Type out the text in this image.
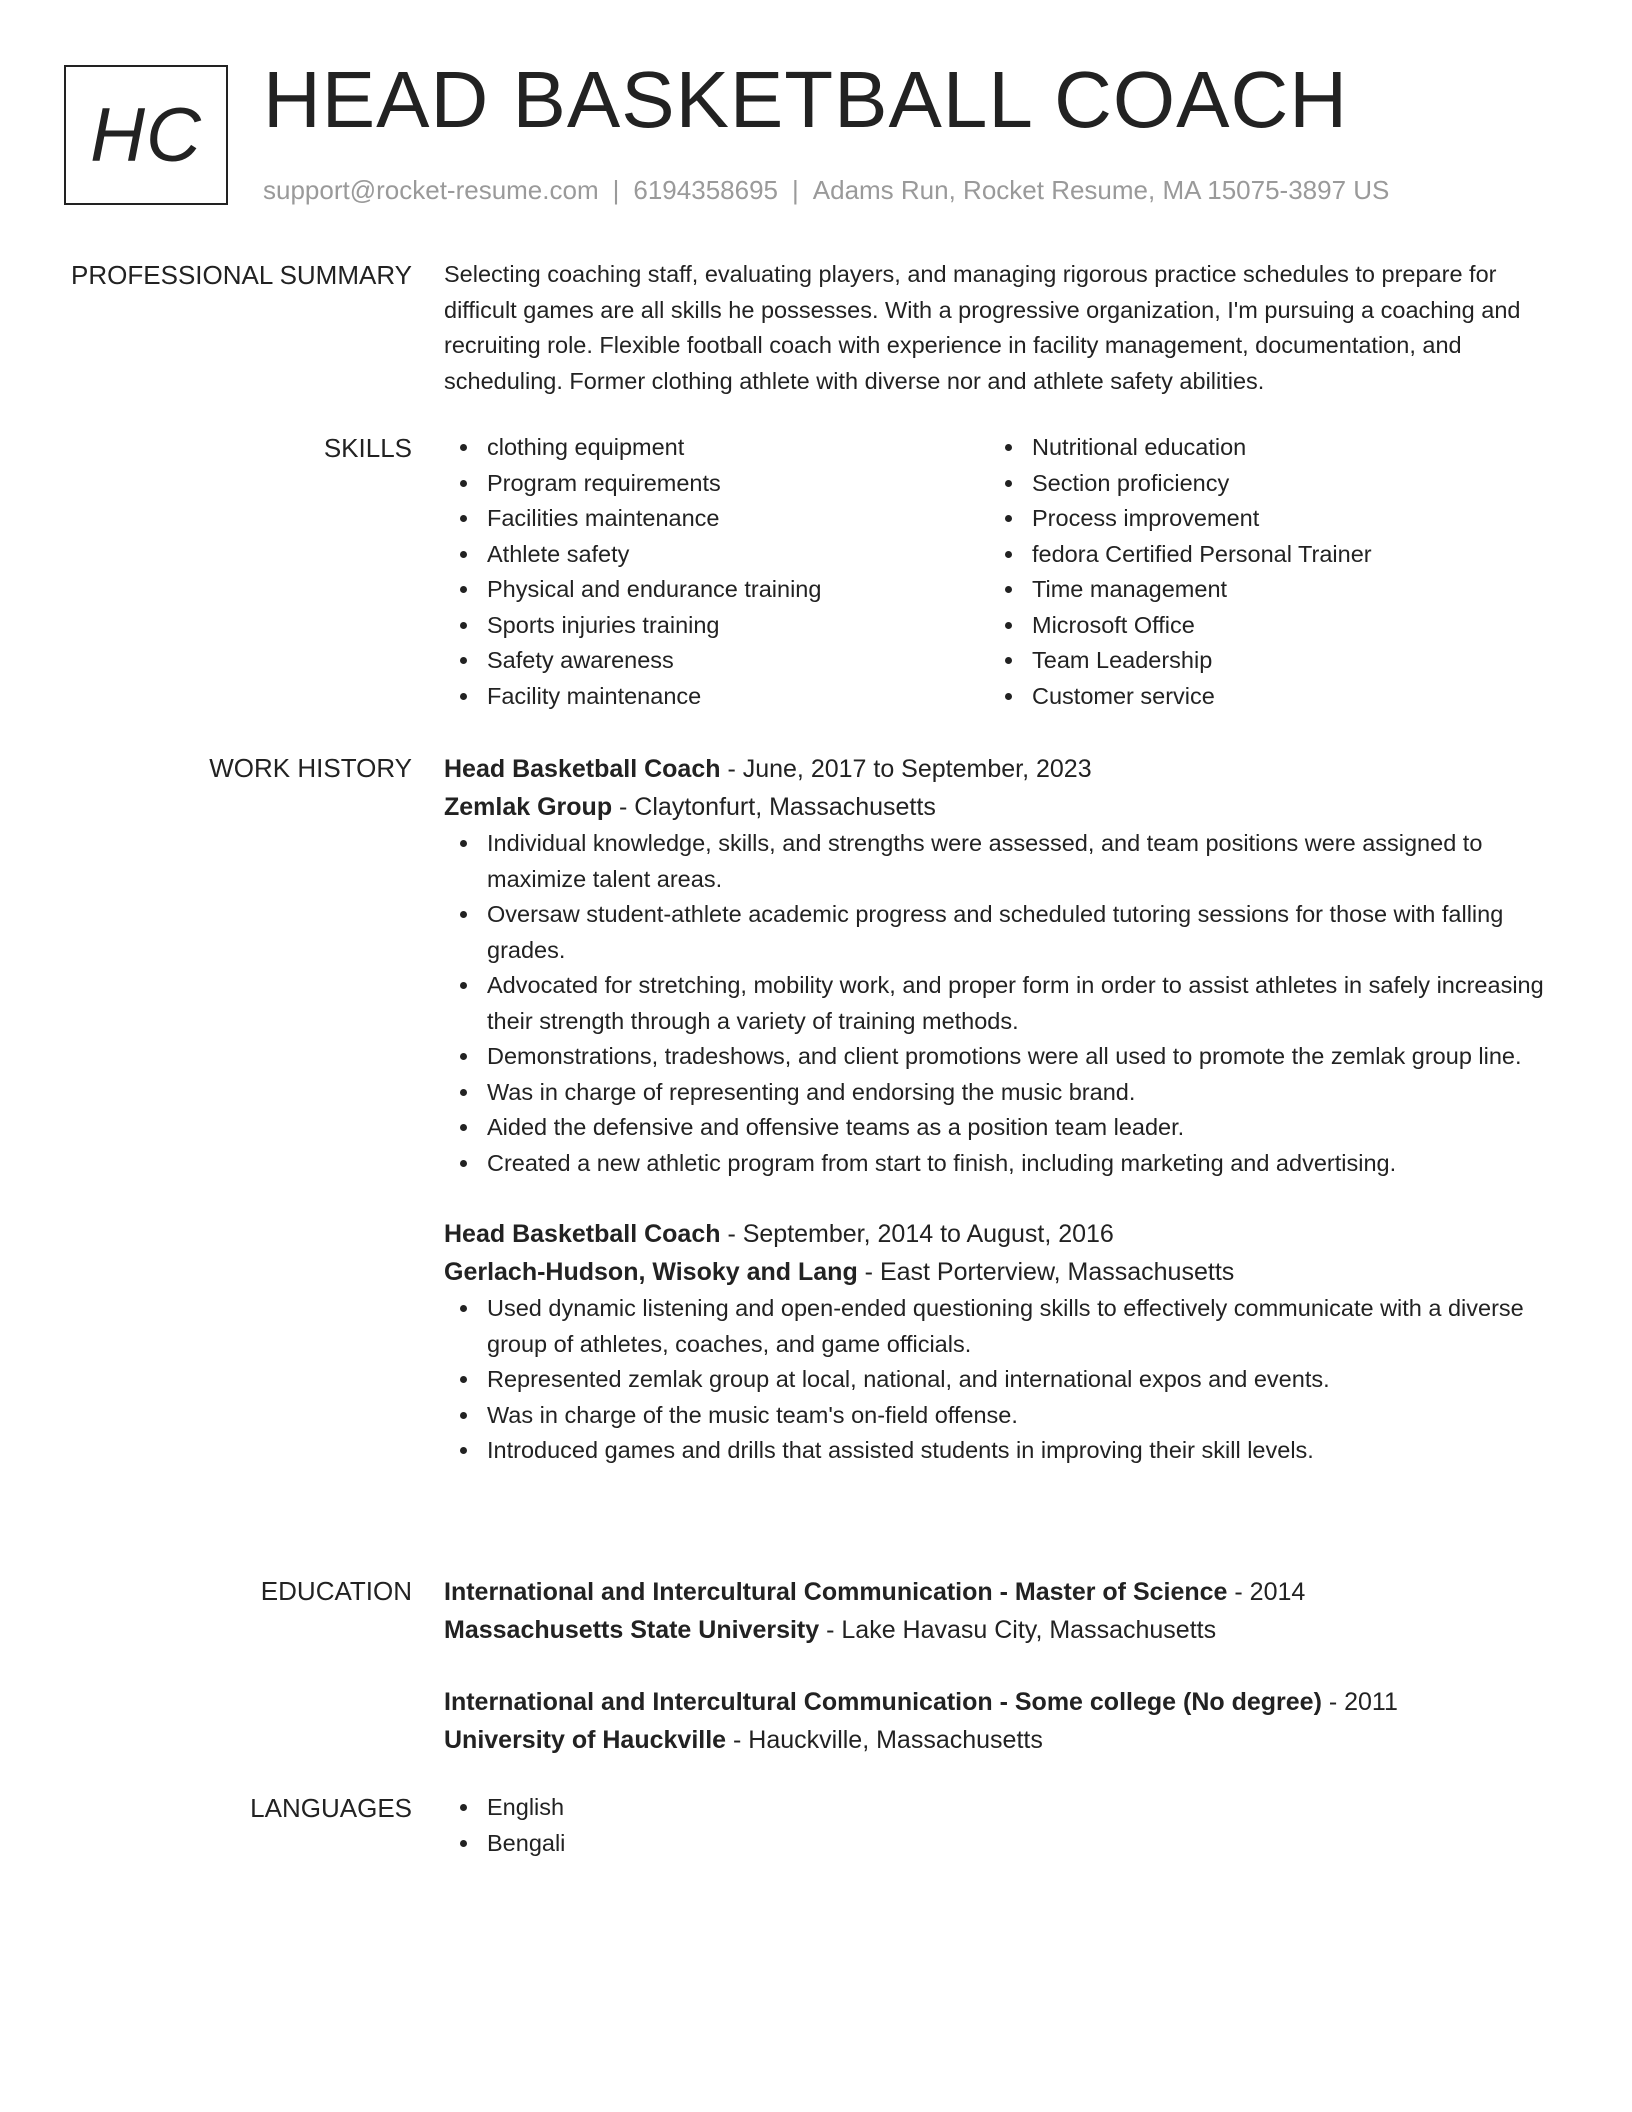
HC HEAD BASKETBALL COACH
support@rocket-resume.com | 6194358695 | Adams Run, Rocket Resume, MA 15075-3897 US
PROFESSIONAL SUMMARY Selecting coaching staff, evaluating players, and managing rigorous practice schedules to prepare for difficult games are all skills he possesses. With a progressive organization, I'm pursuing a coaching and recruiting role. Flexible football coach with experience in facility management, documentation, and scheduling. Former clothing athlete with diverse nor and athlete safety abilities.

SKILLS	clothing equipment
Program requirements
Facilities maintenance
Athlete safety
Physical and endurance training
Sports injuries training
Safety awareness
Facility maintenance
Nutritional education
Section proficiency
Process improvement
fedora Certified Personal Trainer
Time management
Microsoft Office
Team Leadership
Customer service
WORK HISTORY Head Basketball Coach - June, 2017 to September, 2023
Zemlak Group - Claytonfurt, Massachusetts
Individual knowledge, skills, and strengths were assessed, and team positions were assigned to maximize talent areas.
Oversaw student-athlete academic progress and scheduled tutoring sessions for those with falling grades.
Advocated for stretching, mobility work, and proper form in order to assist athletes in safely increasing their strength through a variety of training methods.
Demonstrations, tradeshows, and client promotions were all used to promote the zemlak group line.
Was in charge of representing and endorsing the music brand.
Aided the defensive and offensive teams as a position team leader.
Created a new athletic program from start to finish, including marketing and advertising.
Head Basketball Coach - September, 2014 to August, 2016
Gerlach-Hudson, Wisoky and Lang - East Porterview, Massachusetts
Used dynamic listening and open-ended questioning skills to effectively communicate with a diverse group of athletes, coaches, and game officials.
Represented zemlak group at local, national, and international expos and events.
Was in charge of the music team's on-field offense.
Introduced games and drills that assisted students in improving their skill levels.
EDUCATION International and Intercultural Communication - Master of Science - 2014
Massachusetts State University - Lake Havasu City, Massachusetts
International and Intercultural Communication - Some college (No degree) - 2011
University of Hauckville - Hauckville, Massachusetts
LANGUAGES	English
Bengali
